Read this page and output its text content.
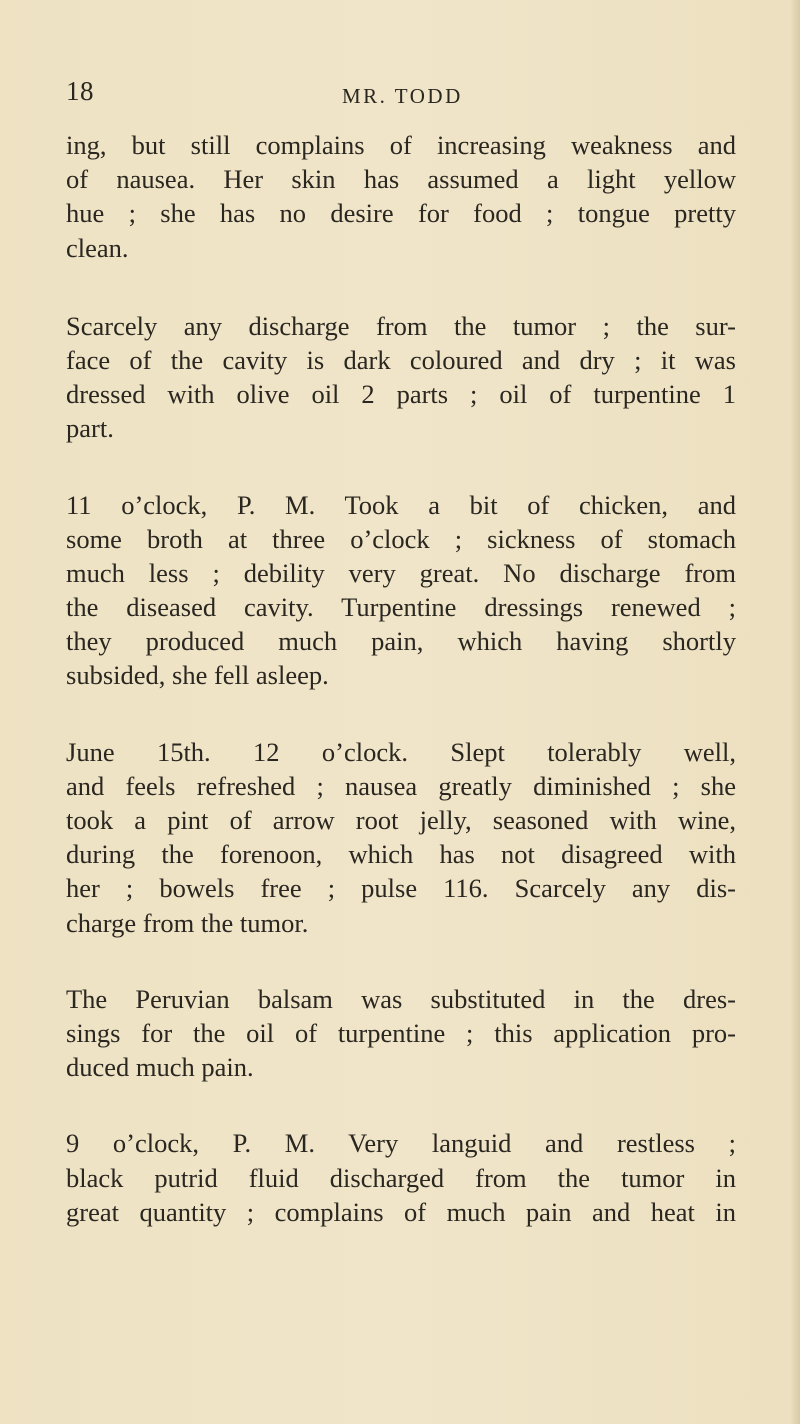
18	MR. TODD

ing, but still complains of increasing weakness and
of nausea. Her skin has assumed a light yellow
hue ; she has no desire for food ; tongue pretty
clean.

Scarcely any discharge from the tumor ; the sur-
face of the cavity is dark coloured and dry ; it was
dressed with olive oil 2 parts ; oil of turpentine 1
part.

11 o’clock, P. M. Took a bit of chicken, and
some broth at three o’clock ; sickness of stomach
much less ; debility very great. No discharge from
the diseased cavity. Turpentine dressings renewed ;
they produced much pain, which having shortly
subsided, she fell asleep.

June 15th. 12 o’clock. Slept tolerably well,
and feels refreshed ; nausea greatly diminished ; she
took a pint of arrow root jelly, seasoned with wine,
during the forenoon, which has not disagreed with
her ; bowels free ; pulse 116. Scarcely any dis-
charge from the tumor.

The Peruvian balsam was substituted in the dres-
sings for the oil of turpentine ; this application pro-
duced much pain.

9 o’clock, P. M. Very languid and restless ;
black putrid fluid discharged from the tumor in
great quantity ; complains of much pain and heat in
